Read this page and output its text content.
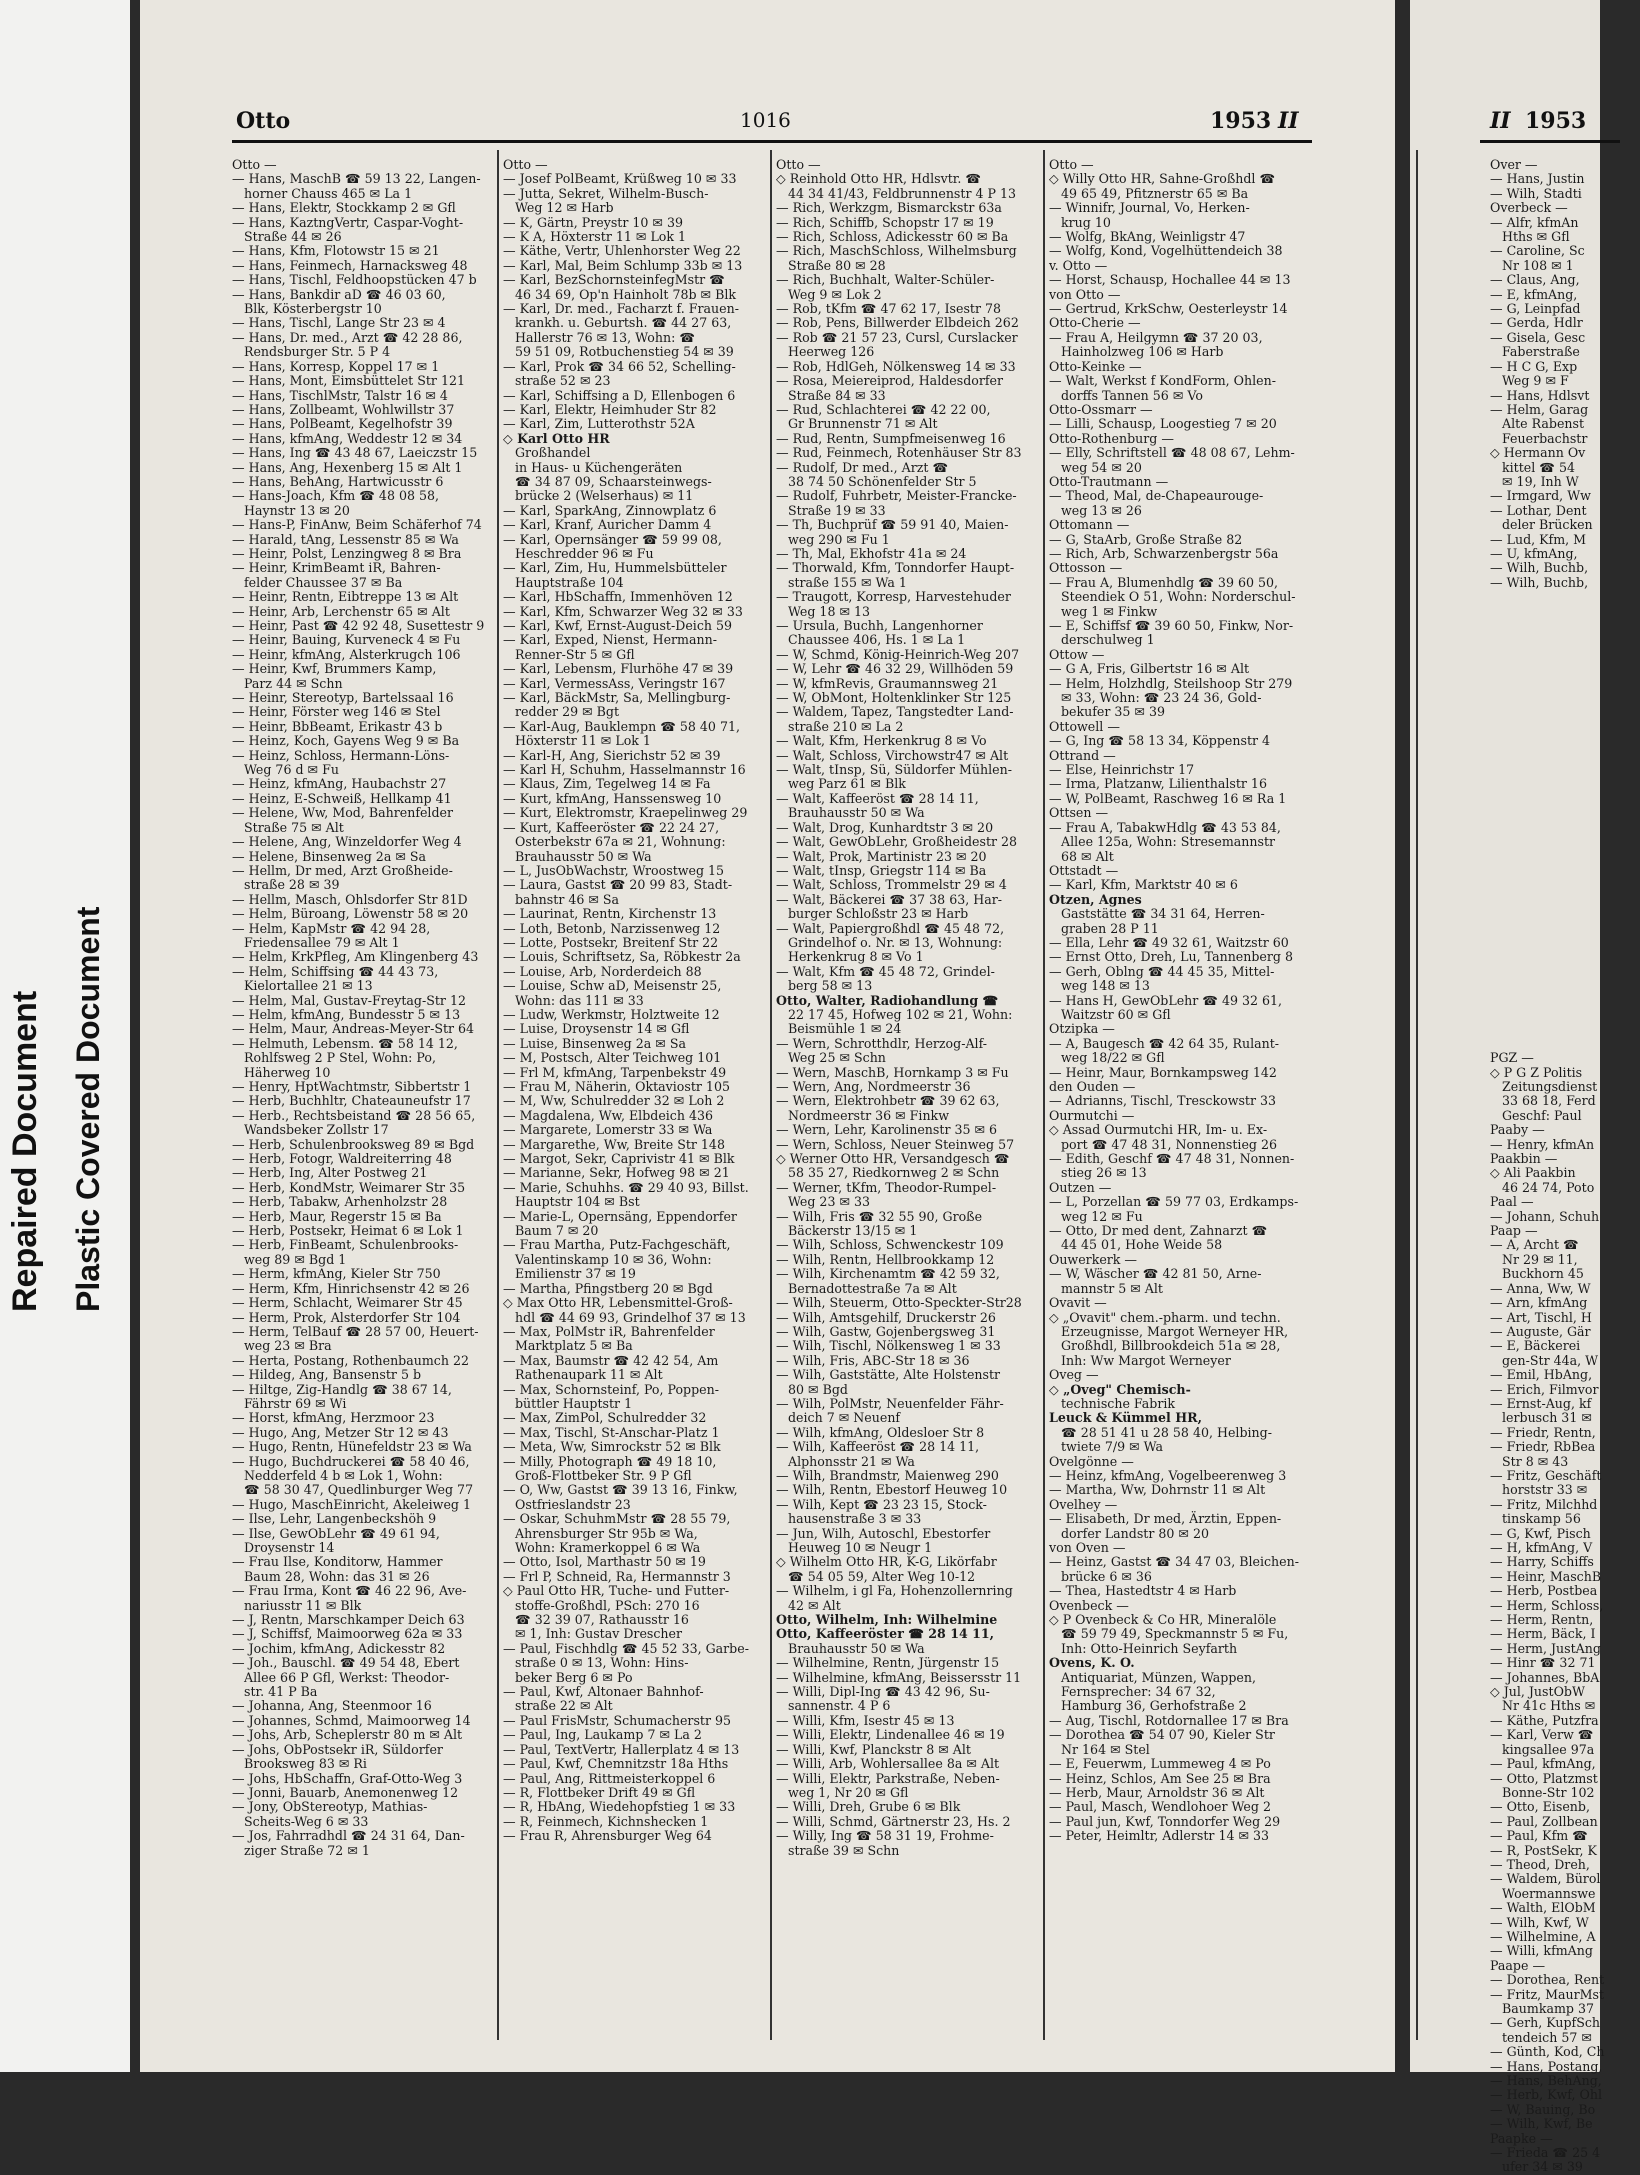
Repaired Document Plastic Covered Document
Otto	1016	1953 II
Otto —
— Hans, MaschB ☎ 59 13 22, Langen-
horner Chauss 465 ✉ La 1
— Hans, Elektr, Stockkamp 2 ✉ Gfl
— Hans, KaztngVertr, Caspar-Voght-
Straße 44 ✉ 26
— Hans, Kfm, Flotowstr 15 ✉ 21
— Hans, Feinmech, Harnacksweg 48
— Hans, Tischl, Feldhoopstücken 47 b
— Hans, Bankdir aD ☎ 46 03 60,
Blk, Kösterbergstr 10
— Hans, Tischl, Lange Str 23 ✉ 4
— Hans, Dr. med., Arzt ☎ 42 28 86,
Rendsburger Str. 5 P 4
— Hans, Korresp, Koppel 17 ✉ 1
— Hans, Mont, Eimsbüttelet Str 121
— Hans, TischlMstr, Talstr 16 ✉ 4
— Hans, Zollbeamt, Wohlwillstr 37
— Hans, PolBeamt, Kegelhofstr 39
— Hans, kfmAng, Weddestr 12 ✉ 34
— Hans, Ing ☎ 43 48 67, Laeiczstr 15
— Hans, Ang, Hexenberg 15 ✉ Alt 1
— Hans, BehAng, Hartwicusstr 6
— Hans-Joach, Kfm ☎ 48 08 58,
Haynstr 13 ✉ 20
— Hans-P, FinAnw, Beim Schäferhof 74
— Harald, tAng, Lessenstr 85 ✉ Wa
— Heinr, Polst, Lenzingweg 8 ✉ Bra
— Heinr, KrimBeamt iR, Bahren-
felder Chaussee 37 ✉ Ba
— Heinr, Rentn, Eibtreppe 13 ✉ Alt
— Heinr, Arb, Lerchenstr 65 ✉ Alt
— Heinr, Past ☎ 42 92 48, Susettestr 9
— Heinr, Bauing, Kurveneck 4 ✉ Fu
— Heinr, kfmAng, Alsterkrugch 106
— Heinr, Kwf, Brummers Kamp,
Parz 44 ✉ Schn
— Heinr, Stereotyp, Bartelssaal 16
— Heinr, Förster weg 146 ✉ Stel
— Heinr, BbBeamt, Erikastr 43 b
— Heinz, Koch, Gayens Weg 9 ✉ Ba
— Heinz, Schloss, Hermann-Löns-
Weg 76 d ✉ Fu
— Heinz, kfmAng, Haubachstr 27
— Heinz, E-Schweiß, Hellkamp 41
— Helene, Ww, Mod, Bahrenfelder
Straße 75 ✉ Alt
— Helene, Ang, Winzeldorfer Weg 4
— Helene, Binsenweg 2a ✉ Sa
— Hellm, Dr med, Arzt Großheide-
straße 28 ✉ 39
— Hellm, Masch, Ohlsdorfer Str 81D
— Helm, Büroang, Löwenstr 58 ✉ 20
— Helm, KapMstr ☎ 42 94 28,
Friedensallee 79 ✉ Alt 1
— Helm, KrkPfleg, Am Klingenberg 43
— Helm, Schiffsing ☎ 44 43 73,
Kielortallee 21 ✉ 13
— Helm, Mal, Gustav-Freytag-Str 12
— Helm, kfmAng, Bundesstr 5 ✉ 13
— Helm, Maur, Andreas-Meyer-Str 64
— Helmuth, Lebensm. ☎ 58 14 12,
Rohlfsweg 2 P Stel, Wohn: Po,
Häherweg 10
— Henry, HptWachtmstr, Sibbertstr 1
— Herb, Buchhltr, Chateauneufstr 17
— Herb., Rechtsbeistand ☎ 28 56 65,
Wandsbeker Zollstr 17
— Herb, Schulenbrooksweg 89 ✉ Bgd
— Herb, Fotogr, Waldreiterring 48
— Herb, Ing, Alter Postweg 21
— Herb, KondMstr, Weimarer Str 35
— Herb, Tabakw, Arhenholzstr 28
— Herb, Maur, Regerstr 15 ✉ Ba
— Herb, Postsekr, Heimat 6 ✉ Lok 1
— Herb, FinBeamt, Schulenbrooks-
weg 89 ✉ Bgd 1
— Herm, kfmAng, Kieler Str 750
— Herm, Kfm, Hinrichsenstr 42 ✉ 26
— Herm, Schlacht, Weimarer Str 45
— Herm, Prok, Alsterdorfer Str 104
— Herm, TelBauf ☎ 28 57 00, Heuert-
weg 23 ✉ Bra
— Herta, Postang, Rothenbaumch 22
— Hildeg, Ang, Bansenstr 5 b
— Hiltge, Zig-Handlg ☎ 38 67 14,
Fährstr 69 ✉ Wi
— Horst, kfmAng, Herzmoor 23
— Hugo, Ang, Metzer Str 12 ✉ 43
— Hugo, Rentn, Hünefeldstr 23 ✉ Wa
— Hugo, Buchdruckerei ☎ 58 40 46,
Nedderfeld 4 b ✉ Lok 1, Wohn:
☎ 58 30 47, Quedlinburger Weg 77
— Hugo, MaschEinricht, Akeleiweg 1
— Ilse, Lehr, Langenbeckshöh 9
— Ilse, GewObLehr ☎ 49 61 94,
Droysenstr 14
— Frau Ilse, Konditorw, Hammer
Baum 28, Wohn: das 31 ✉ 26
— Frau Irma, Kont ☎ 46 22 96, Ave-
nariusstr 11 ✉ Blk
— J, Rentn, Marschkamper Deich 63
— J, Schiffsf, Maimoorweg 62a ✉ 33
— Jochim, kfmAng, Adickesstr 82
— Joh., Bauschl. ☎ 49 54 48, Ebert
Allee 66 P Gfl, Werkst: Theodor-
str. 41 P Ba
— Johanna, Ang, Steenmoor 16
— Johannes, Schmd, Maimoorweg 14
— Johs, Arb, Scheplerstr 80 m ✉ Alt
— Johs, ObPostsekr iR, Süldorfer
Brooksweg 83 ✉ Ri
— Johs, HbSchaffn, Graf-Otto-Weg 3
— Jonni, Bauarb, Anemonenweg 12
— Jony, ObStereotyp, Mathias-
Scheits-Weg 6 ✉ 33
— Jos, Fahrradhdl ☎ 24 31 64, Dan-
ziger Straße 72 ✉ 1
Otto —
— Josef PolBeamt, Krüßweg 10 ✉ 33
— Jutta, Sekret, Wilhelm-Busch-
Weg 12 ✉ Harb
— K, Gärtn, Preystr 10 ✉ 39
— K A, Höxterstr 11 ✉ Lok 1
— Käthe, Vertr, Uhlenhorster Weg 22
— Karl, Mal, Beim Schlump 33b ✉ 13
— Karl, BezSchornsteinfegMstr ☎
46 34 69, Op'n Hainholt 78b ✉ Blk
— Karl, Dr. med., Facharzt f. Frauen-
krankh. u. Geburtsh. ☎ 44 27 63,
Hallerstr 76 ✉ 13, Wohn: ☎
59 51 09, Rotbuchenstieg 54 ✉ 39
— Karl, Prok ☎ 34 66 52, Schelling-
straße 52 ✉ 23
— Karl, Schiffsing a D, Ellenbogen 6
— Karl, Elektr, Heimhuder Str 82
— Karl, Zim, Lutterothstr 52A
◇ Karl Otto HR
Großhandel
in Haus- u Küchengeräten
☎ 34 87 09, Schaarsteinwegs-
brücke 2 (Welserhaus) ✉ 11
— Karl, SparkAng, Zinnowplatz 6
— Karl, Kranf, Auricher Damm 4
— Karl, Opernsänger ☎ 59 99 08,
Heschredder 96 ✉ Fu
— Karl, Zim, Hu, Hummelsbütteler
Hauptstraße 104
— Karl, HbSchaffn, Immenhöven 12
— Karl, Kfm, Schwarzer Weg 32 ✉ 33
— Karl, Kwf, Ernst-August-Deich 59
— Karl, Exped, Nienst, Hermann-
Renner-Str 5 ✉ Gfl
— Karl, Lebensm, Flurhöhe 47 ✉ 39
— Karl, VermessAss, Veringstr 167
— Karl, BäckMstr, Sa, Mellingburg-
redder 29 ✉ Bgt
— Karl-Aug, Bauklempn ☎ 58 40 71,
Höxterstr 11 ✉ Lok 1
— Karl-H, Ang, Sierichstr 52 ✉ 39
— Karl H, Schuhm, Hasselmannstr 16
— Klaus, Zim, Tegelweg 14 ✉ Fa
— Kurt, kfmAng, Hanssensweg 10
— Kurt, Elektromstr, Kraepelinweg 29
— Kurt, Kaffeeröster ☎ 22 24 27,
Osterbekstr 67a ✉ 21, Wohnung:
Brauhausstr 50 ✉ Wa
— L, JusObWachstr, Wroostweg 15
— Laura, Gastst ☎ 20 99 83, Stadt-
bahnstr 46 ✉ Sa
— Laurinat, Rentn, Kirchenstr 13
— Loth, Betonb, Narzissenweg 12
— Lotte, Postsekr, Breitenf Str 22
— Louis, Schriftsetz, Sa, Röbkestr 2a
— Louise, Arb, Norderdeich 88
— Louise, Schw aD, Meisenstr 25,
Wohn: das 111 ✉ 33
— Ludw, Werkmstr, Holztweite 12
— Luise, Droysenstr 14 ✉ Gfl
— Luise, Binsenweg 2a ✉ Sa
— M, Postsch, Alter Teichweg 101
— Frl M, kfmAng, Tarpenbekstr 49
— Frau M, Näherin, Oktaviostr 105
— M, Ww, Schulredder 32 ✉ Loh 2
— Magdalena, Ww, Elbdeich 436
— Margarete, Lomerstr 33 ✉ Wa
— Margarethe, Ww, Breite Str 148
— Margot, Sekr, Caprivistr 41 ✉ Blk
— Marianne, Sekr, Hofweg 98 ✉ 21
— Marie, Schuhhs. ☎ 29 40 93, Billst.
Hauptstr 104 ✉ Bst
— Marie-L, Opernsäng, Eppendorfer
Baum 7 ✉ 20
— Frau Martha, Putz-Fachgeschäft,
Valentinskamp 10 ✉ 36, Wohn:
Emilienstr 37 ✉ 19
— Martha, Pfingstberg 20 ✉ Bgd
◇ Max Otto HR, Lebensmittel-Groß-
hdl ☎ 44 69 93, Grindelhof 37 ✉ 13
— Max, PolMstr iR, Bahrenfelder
Marktplatz 5 ✉ Ba
— Max, Baumstr ☎ 42 42 54, Am
Rathenaupark 11 ✉ Alt
— Max, Schornsteinf, Po, Poppen-
büttler Hauptstr 1
— Max, ZimPol, Schulredder 32
— Max, Tischl, St-Anschar-Platz 1
— Meta, Ww, Simrockstr 52 ✉ Blk
— Milly, Photograph ☎ 49 18 10,
Groß-Flottbeker Str. 9 P Gfl
— O, Ww, Gastst ☎ 39 13 16, Finkw,
Ostfrieslandstr 23
— Oskar, SchuhmMstr ☎ 28 55 79,
Ahrensburger Str 95b ✉ Wa,
Wohn: Kramerkoppel 6 ✉ Wa
— Otto, Isol, Marthastr 50 ✉ 19
— Frl P, Schneid, Ra, Hermannstr 3
◇ Paul Otto HR, Tuche- und Futter-
stoffe-Großhdl, PSch: 270 16
☎ 32 39 07, Rathausstr 16
✉ 1, Inh: Gustav Drescher
— Paul, Fischhdlg ☎ 45 52 33, Garbe-
straße 0 ✉ 13, Wohn: Hins-
beker Berg 6 ✉ Po
— Paul, Kwf, Altonaer Bahnhof-
straße 22 ✉ Alt
— Paul FrisMstr, Schumacherstr 95
— Paul, Ing, Laukamp 7 ✉ La 2
— Paul, TextVertr, Hallerplatz 4 ✉ 13
— Paul, Kwf, Chemnitzstr 18a Hths
— Paul, Ang, Rittmeisterkoppel 6
— R, Flottbeker Drift 49 ✉ Gfl
— R, HbAng, Wiedehopfstieg 1 ✉ 33
— R, Feinmech, Kichnshecken 1
— Frau R, Ahrensburger Weg 64
Otto —
◇ Reinhold Otto HR, Hdlsvtr. ☎
44 34 41/43, Feldbrunnenstr 4 P 13
— Rich, Werkzgm, Bismarckstr 63a
— Rich, Schiffb, Schopstr 17 ✉ 19
— Rich, Schloss, Adickesstr 60 ✉ Ba
— Rich, MaschSchloss, Wilhelmsburg
Straße 80 ✉ 28
— Rich, Buchhalt, Walter-Schüler-
Weg 9 ✉ Lok 2
— Rob, tKfm ☎ 47 62 17, Isestr 78
— Rob, Pens, Billwerder Elbdeich 262
— Rob ☎ 21 57 23, Cursl, Curslacker
Heerweg 126
— Rob, HdlGeh, Nölkensweg 14 ✉ 33
— Rosa, Meiereiprod, Haldesdorfer
Straße 84 ✉ 33
— Rud, Schlachterei ☎ 42 22 00,
Gr Brunnenstr 71 ✉ Alt
— Rud, Rentn, Sumpfmeisenweg 16
— Rud, Feinmech, Rotenhäuser Str 83
— Rudolf, Dr med., Arzt ☎
38 74 50 Schönenfelder Str 5
— Rudolf, Fuhrbetr, Meister-Francke-
Straße 19 ✉ 33
— Th, Buchprüf ☎ 59 91 40, Maien-
weg 290 ✉ Fu 1
— Th, Mal, Ekhofstr 41a ✉ 24
— Thorwald, Kfm, Tonndorfer Haupt-
straße 155 ✉ Wa 1
— Traugott, Korresp, Harvestehuder
Weg 18 ✉ 13
— Ursula, Buchh, Langenhorner
Chaussee 406, Hs. 1 ✉ La 1
— W, Schmd, König-Heinrich-Weg 207
— W, Lehr ☎ 46 32 29, Willhöden 59
— W, kfmRevis, Graumannsweg 21
— W, ObMont, Holtenklinker Str 125
— Waldem, Tapez, Tangstedter Land-
straße 210 ✉ La 2
— Walt, Kfm, Herkenkrug 8 ✉ Vo
— Walt, Schloss, Virchowstr47 ✉ Alt
— Walt, tInsp, Sü, Süldorfer Mühlen-
weg Parz 61 ✉ Blk
— Walt, Kaffeeröst ☎ 28 14 11,
Brauhausstr 50 ✉ Wa
— Walt, Drog, Kunhardtstr 3 ✉ 20
— Walt, GewObLehr, Großheidestr 28
— Walt, Prok, Martinistr 23 ✉ 20
— Walt, tInsp, Griegstr 114 ✉ Ba
— Walt, Schloss, Trommelstr 29 ✉ 4
— Walt, Bäckerei ☎ 37 38 63, Har-
burger Schloßstr 23 ✉ Harb
— Walt, Papiergroßhdl ☎ 45 48 72,
Grindelhof o. Nr. ✉ 13, Wohnung:
Herkenkrug 8 ✉ Vo 1
— Walt, Kfm ☎ 45 48 72, Grindel-
berg 58 ✉ 13
Otto, Walter, Radiohandlung ☎
22 17 45, Hofweg 102 ✉ 21, Wohn:
Beismühle 1 ✉ 24
— Wern, Schrotthdlr, Herzog-Alf-
Weg 25 ✉ Schn
— Wern, MaschB, Hornkamp 3 ✉ Fu
— Wern, Ang, Nordmeerstr 36
— Wern, Elektrohbetr ☎ 39 62 63,
Nordmeerstr 36 ✉ Finkw
— Wern, Lehr, Karolinenstr 35 ✉ 6
— Wern, Schloss, Neuer Steinweg 57
◇ Werner Otto HR, Versandgesch ☎
58 35 27, Riedkornweg 2 ✉ Schn
— Werner, tKfm, Theodor-Rumpel-
Weg 23 ✉ 33
— Wilh, Fris ☎ 32 55 90, Große
Bäckerstr 13/15 ✉ 1
— Wilh, Schloss, Schwenckestr 109
— Wilh, Rentn, Hellbrookkamp 12
— Wilh, Kirchenamtm ☎ 42 59 32,
Bernadottestraße 7a ✉ Alt
— Wilh, Steuerm, Otto-Speckter-Str28
— Wilh, Amtsgehilf, Druckerstr 26
— Wilh, Gastw, Gojenbergsweg 31
— Wilh, Tischl, Nölkensweg 1 ✉ 33
— Wilh, Fris, ABC-Str 18 ✉ 36
— Wilh, Gaststätte, Alte Holstenstr
80 ✉ Bgd
— Wilh, PolMstr, Neuenfelder Fähr-
deich 7 ✉ Neuenf
— Wilh, kfmAng, Oldesloer Str 8
— Wilh, Kaffeeröst ☎ 28 14 11,
Alphonsstr 21 ✉ Wa
— Wilh, Brandmstr, Maienweg 290
— Wilh, Rentn, Ebestorf Heuweg 10
— Wilh, Kept ☎ 23 23 15, Stock-
hausenstraße 3 ✉ 33
— Jun, Wilh, Autoschl, Ebestorfer
Heuweg 10 ✉ Neugr 1
◇ Wilhelm Otto HR, K-G, Likörfabr
☎ 54 05 59, Alter Weg 10-12
— Wilhelm, i gl Fa, Hohenzollernring
42 ✉ Alt
Otto, Wilhelm, Inh: Wilhelmine
Otto, Kaffeeröster ☎ 28 14 11,
Brauhausstr 50 ✉ Wa
— Wilhelmine, Rentn, Jürgenstr 15
— Wilhelmine, kfmAng, Beissersstr 11
— Willi, Dipl-Ing ☎ 43 42 96, Su-
sannenstr. 4 P 6
— Willi, Kfm, Isestr 45 ✉ 13
— Willi, Elektr, Lindenallee 46 ✉ 19
— Willi, Kwf, Planckstr 8 ✉ Alt
— Willi, Arb, Wohlersallee 8a ✉ Alt
— Willi, Elektr, Parkstraße, Neben-
weg 1, Nr 20 ✉ Gfl
— Willi, Dreh, Grube 6 ✉ Blk
— Willi, Schmd, Gärtnerstr 23, Hs. 2
— Willy, Ing ☎ 58 31 19, Frohme-
straße 39 ✉ Schn
Otto —
◇ Willy Otto HR, Sahne-Großhdl ☎
49 65 49, Pfitznerstr 65 ✉ Ba
— Winnifr, Journal, Vo, Herken-
krug 10
— Wolfg, BkAng, Weinligstr 47
— Wolfg, Kond, Vogelhüttendeich 38
v. Otto —
— Horst, Schausp, Hochallee 44 ✉ 13
von Otto —
— Gertrud, KrkSchw, Oesterleystr 14
Otto-Cherie —
— Frau A, Heilgymn ☎ 37 20 03,
Hainholzweg 106 ✉ Harb
Otto-Keinke —
— Walt, Werkst f KondForm, Ohlen-
dorffs Tannen 56 ✉ Vo
Otto-Ossmarr —
— Lilli, Schausp, Loogestieg 7 ✉ 20
Otto-Rothenburg —
— Elly, Schriftstell ☎ 48 08 67, Lehm-
weg 54 ✉ 20
Otto-Trautmann —
— Theod, Mal, de-Chapeaurouge-
weg 13 ✉ 26
Ottomann —
— G, StaArb, Große Straße 82
— Rich, Arb, Schwarzenbergstr 56a
Ottosson —
— Frau A, Blumenhdlg ☎ 39 60 50,
Steendiek O 51, Wohn: Norderschul-
weg 1 ✉ Finkw
— E, Schiffsf ☎ 39 60 50, Finkw, Nor-
derschulweg 1
Ottow —
— G A, Fris, Gilbertstr 16 ✉ Alt
— Helm, Holzhdlg, Steilshoop Str 279
✉ 33, Wohn: ☎ 23 24 36, Gold-
bekufer 35 ✉ 39
Ottowell —
— G, Ing ☎ 58 13 34, Köppenstr 4
Ottrand —
— Else, Heinrichstr 17
— Irma, Platzanw, Lilienthalstr 16
— W, PolBeamt, Raschweg 16 ✉ Ra 1
Ottsen —
— Frau A, TabakwHdlg ☎ 43 53 84,
Allee 125a, Wohn: Stresemannstr
68 ✉ Alt
Ottstadt —
— Karl, Kfm, Marktstr 40 ✉ 6
Otzen, Agnes
Gaststätte ☎ 34 31 64, Herren-
graben 28 P 11
— Ella, Lehr ☎ 49 32 61, Waitzstr 60
— Ernst Otto, Dreh, Lu, Tannenberg 8
— Gerh, Oblng ☎ 44 45 35, Mittel-
weg 148 ✉ 13
— Hans H, GewObLehr ☎ 49 32 61,
Waitzstr 60 ✉ Gfl
Otzipka —
— A, Baugesch ☎ 42 64 35, Rulant-
weg 18/22 ✉ Gfl
— Heinr, Maur, Bornkampsweg 142
den Ouden —
— Adrianns, Tischl, Tresckowstr 33
Ourmutchi —
◇ Assad Ourmutchi HR, Im- u. Ex-
port ☎ 47 48 31, Nonnenstieg 26
— Edith, Geschf ☎ 47 48 31, Nonnen-
stieg 26 ✉ 13
Outzen —
— L, Porzellan ☎ 59 77 03, Erdkamps-
weg 12 ✉ Fu
— Otto, Dr med dent, Zahnarzt ☎
44 45 01, Hohe Weide 58
Ouwerkerk —
— W, Wäscher ☎ 42 81 50, Arne-
mannstr 5 ✉ Alt
Ovavit —
◇ „Ovavit" chem.-pharm. und techn.
Erzeugnisse, Margot Werneyer HR,
Großhdl, Billbrookdeich 51a ✉ 28,
Inh: Ww Margot Werneyer
Oveg —
◇ „Oveg" Chemisch-
technische Fabrik
Leuck & Kümmel HR,
☎ 28 51 41 u 28 58 40, Helbing-
twiete 7/9 ✉ Wa
Ovelgönne —
— Heinz, kfmAng, Vogelbeerenweg 3
— Martha, Ww, Dohrnstr 11 ✉ Alt
Ovelhey —
— Elisabeth, Dr med, Ärztin, Eppen-
dorfer Landstr 80 ✉ 20
von Oven —
— Heinz, Gastst ☎ 34 47 03, Bleichen-
brücke 6 ✉ 36
— Thea, Hastedtstr 4 ✉ Harb
Ovenbeck —
◇ P Ovenbeck & Co HR, Mineralöle
☎ 59 79 49, Speckmannstr 5 ✉ Fu,
Inh: Otto-Heinrich Seyfarth
Ovens, K. O.
Antiquariat, Münzen, Wappen,
Fernsprecher: 34 67 32,
Hamburg 36, Gerhofstraße 2
— Aug, Tischl, Rotdornallee 17 ✉ Bra
— Dorothea ☎ 54 07 90, Kieler Str
Nr 164 ✉ Stel
— E, Feuerwm, Lummeweg 4 ✉ Po
— Heinz, Schlos, Am See 25 ✉ Bra
— Herb, Maur, Arnoldstr 36 ✉ Alt
— Paul, Masch, Wendlohoer Weg 2
— Paul jun, Kwf, Tonndorfer Weg 29
— Peter, Heimltr, Adlerstr 14 ✉ 33
II 1953
Over —
— Hans, Justin
— Wilh, Stadti
Overbeck —
— Alfr, kfmAn
Hths ✉ Gfl
— Caroline, Sc
Nr 108 ✉ 1
— Claus, Ang,
— E, kfmAng,
— G, Leinpfad
— Gerda, Hdlr
— Gisela, Gesc
Faberstraße
— H C G, Exp
Weg 9 ✉ F
— Hans, Hdlsvt
— Helm, Garag
Alte Rabenst
Feuerbachstr
◇ Hermann Ov
kittel ☎ 54
✉ 19, Inh W
— Irmgard, Ww
— Lothar, Dent
deler Brücken
— Lud, Kfm, M
— U, kfmAng,
— Wilh, Buchb,
— Wilh, Buchb,

PGZ —
◇ P G Z Politis
Zeitungsdienst
33 68 18, Ferd
Geschf: Paul
Paaby —
— Henry, kfmAn
Paakbin —
◇ Ali Paakbin
46 24 74, Poto
Paal —
— Johann, Schuh
Paap —
— A, Archt ☎
Nr 29 ✉ 11,
Buckhorn 45
— Anna, Ww, W
— Arn, kfmAng
— Art, Tischl, H
— Auguste, Gär
— E, Bäckerei
gen-Str 44a, W
— Emil, HbAng,
— Erich, Filmvor
— Ernst-Aug, kf
lerbusch 31 ✉
— Friedr, Rentn,
— Friedr, RbBea
Str 8 ✉ 43
— Fritz, Geschäft
horststr 33 ✉
— Fritz, Milchhd
tinskamp 56
— G, Kwf, Pisch
— H, kfmAng, V
— Harry, Schiffs
— Heinr, MaschB
— Herb, Postbea
— Herm, Schloss,
— Herm, Rentn,
— Herm, Bäck, I
— Herm, JustAng
— Hinr ☎ 32 71
— Johannes, BbA
◇ Jul, JustObW
Nr 41c Hths ✉
— Käthe, Putzfra
— Karl, Verw ☎
kingsallee 97a
— Paul, kfmAng,
— Otto, Platzmst
Bonne-Str 102
— Otto, Eisenb,
— Paul, Zollbean
— Paul, Kfm ☎
— R, PostSekr, K
— Theod, Dreh,
— Waldem, Bürol
Woermannswe
— Walth, ElObM
— Wilh, Kwf, W
— Wilhelmine, A
— Willi, kfmAng
Paape —
— Dorothea, Rent
— Fritz, MaurMst
Baumkamp 37
— Gerh, KupfSch
tendeich 57 ✉
— Günth, Kod, Ch
— Hans, Postang,
— Hans, BehAng,
— Herb, Kwf, Ohl
— W, Bauing, Bo
— Wilh, Kwf, Be
Paapke —
— Frieda ☎ 25 4
ufer 34 ✉ 39
